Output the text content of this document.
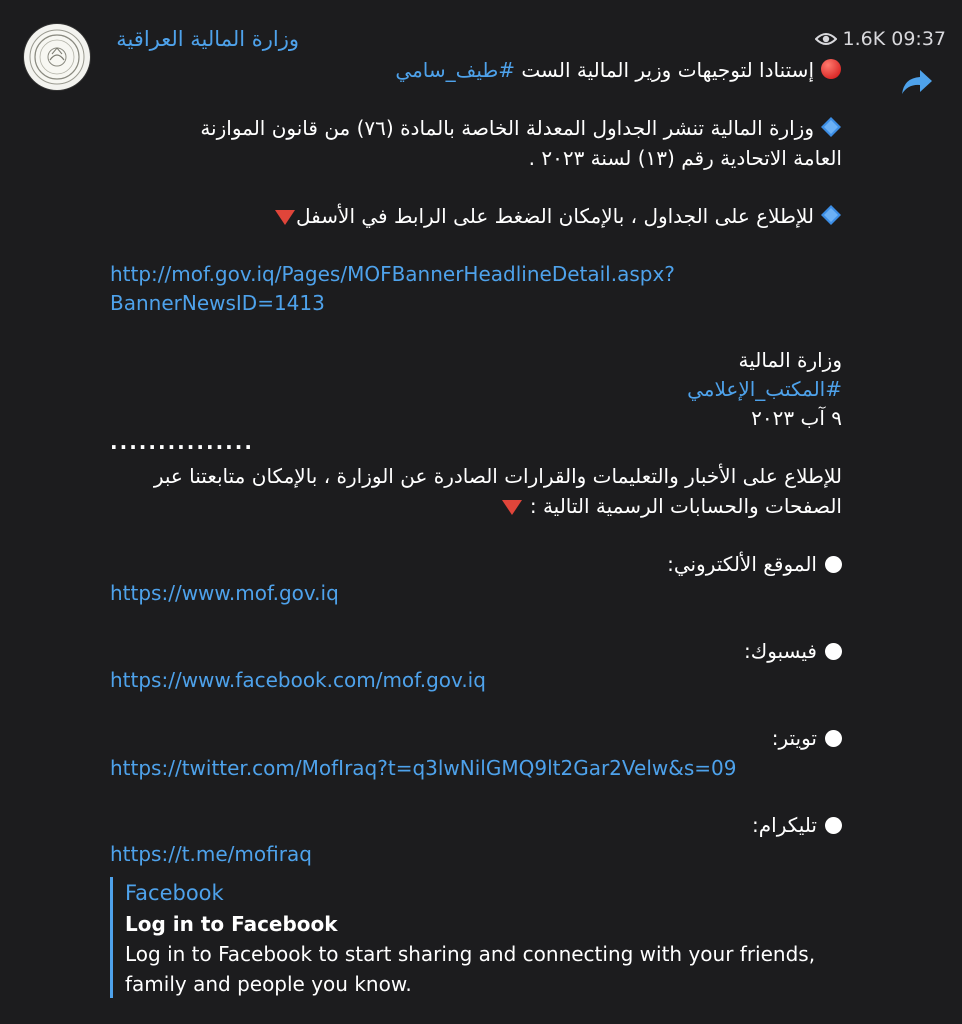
وزارة المالية العراقية	1.6K 09:37
إستنادا لتوجيهات وزير المالية الست #طيف_سامي
وزارة المالية تنشر الجداول المعدلة الخاصة بالمادة (٧٦) من قانون الموازنة
العامة الاتحادية رقم (١٣) لسنة ٢٠٢٣ .
للإطلاع على الجداول ، بالإمكان الضغط على الرابط في الأسفل
http://mof.gov.iq/Pages/MOFBannerHeadlineDetail.aspx?
BannerNewsID=1413
وزارة المالية
#المكتب_الإعلامي
٩ آب ٢٠٢٣
...............
للإطلاع على الأخبار والتعليمات والقرارات الصادرة عن الوزارة ، بالإمكان متابعتنا عبر
الصفحات والحسابات الرسمية التالية :
الموقع الألكتروني:
https://www.mof.gov.iq
فيسبوك:
https://www.facebook.com/mof.gov.iq
تويتر:
https://twitter.com/MofIraq?t=q3lwNilGMQ9lt2Gar2Velw&s=09
تليكرام:
https://t.me/mofiraq
Facebook
Log in to Facebook
Log in to Facebook to start sharing and connecting with your friends, family and people you know.
